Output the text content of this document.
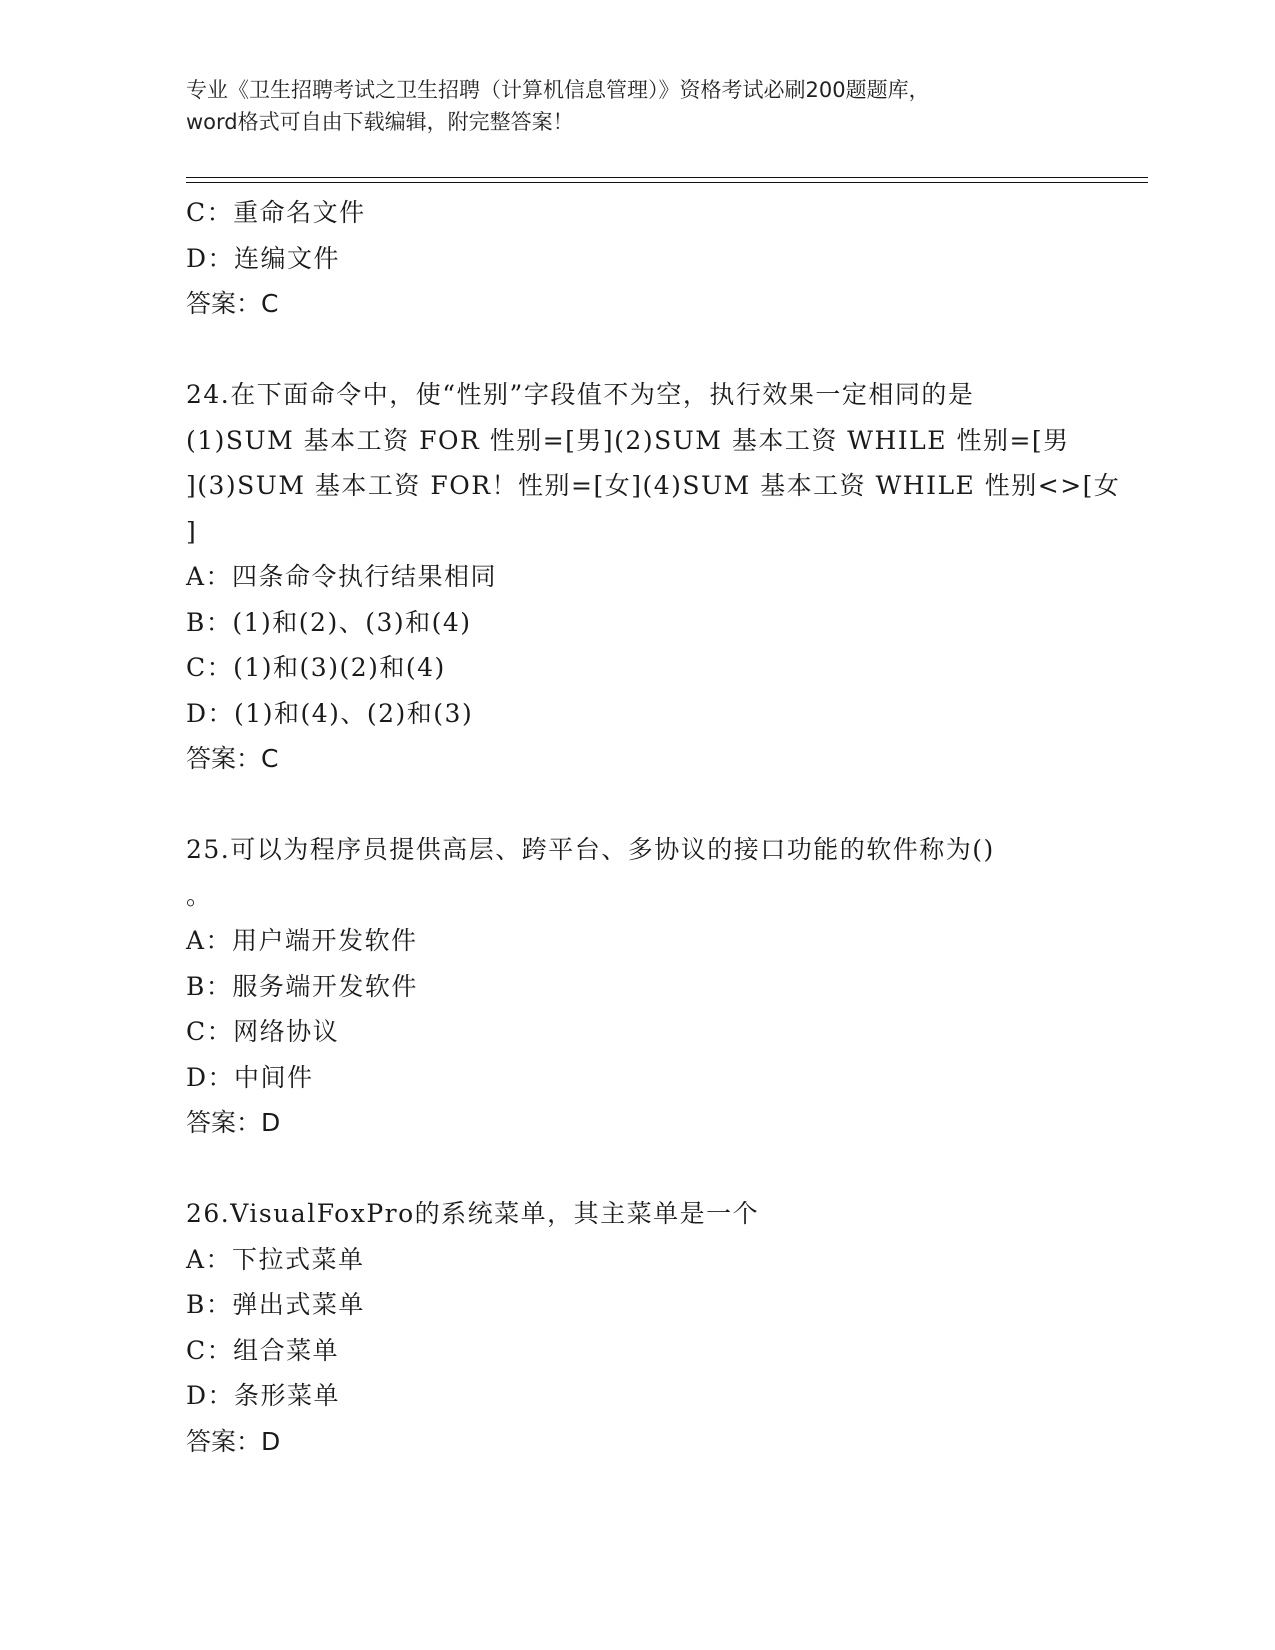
专业《卫生招聘考试之卫生招聘（计算机信息管理）》资格考试必刷200题题库，
word格式可自由下载编辑，附完整答案！
C：重命名文件
D：连编文件
答案：C
24.在下面命令中，使“性别”字段值不为空，执行效果一定相同的是
(1)SUM 基本工资 FOR 性别=[男](2)SUM 基本工资 WHILE 性别=[男
](3)SUM 基本工资 FOR！性别=[女](4)SUM 基本工资 WHILE 性别<>[女
]
A：四条命令执行结果相同
B：(1)和(2)、(3)和(4)
C：(1)和(3)(2)和(4)
D：(1)和(4)、(2)和(3)
答案：C
25.可以为程序员提供高层、跨平台、多协议的接口功能的软件称为()
。
A：用户端开发软件
B：服务端开发软件
C：网络协议
D：中间件
答案：D
26.VisualFoxPro的系统菜单，其主菜单是一个
A：下拉式菜单
B：弹出式菜单
C：组合菜单
D：条形菜单
答案：D
